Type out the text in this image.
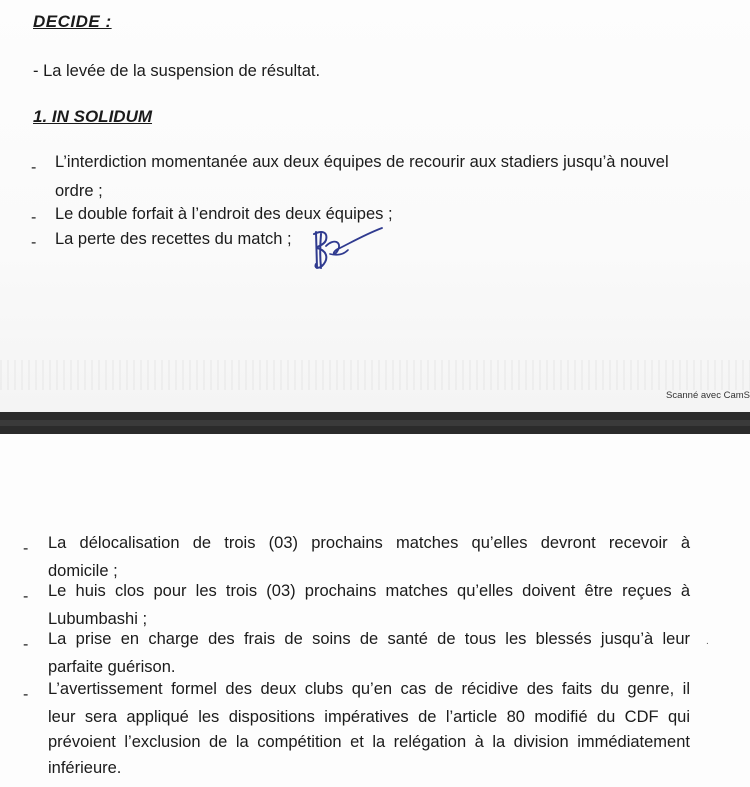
DECIDE :
- La levée de la suspension de résultat.
1. IN SOLIDUM
- L’interdiction momentanée aux deux équipes de recourir aux stadiers jusqu’à nouvel
ordre ;
- Le double forfait à l’endroit des deux équipes ;
- La perte des recettes du match ;
Scanné avec CamS
- La délocalisation de trois (03) prochains matches qu’elles devront recevoir à
domicile ;
- Le huis clos pour les trois (03) prochains matches qu’elles doivent être reçues à
Lubumbashi ;
- La prise en charge des frais de soins de santé de tous les blessés jusqu’à leur
parfaite guérison.
.
- L’avertissement formel des deux clubs qu’en cas de récidive des faits du genre, il
leur sera appliqué les dispositions impératives de l’article 80 modifié du CDF qui
prévoient l’exclusion de la compétition et la relégation à la division immédiatement
inférieure.
